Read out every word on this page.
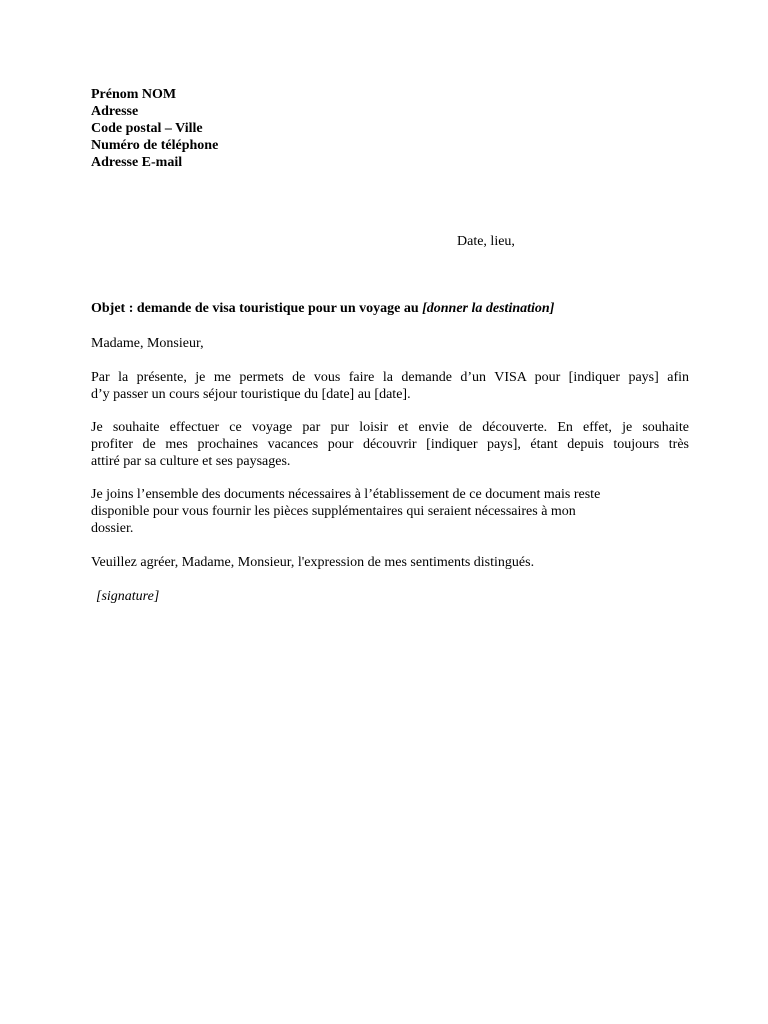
Prénom NOM
Adresse
Code postal – Ville
Numéro de téléphone
Adresse E-mail
Date, lieu,
Objet : demande de visa touristique pour un voyage au [donner la destination]
Madame, Monsieur,
Par la présente, je me permets de vous faire la demande d’un VISA pour [indiquer pays] afin
d’y passer un cours séjour touristique du [date] au [date].
Je souhaite effectuer ce voyage par pur loisir et envie de découverte. En effet, je souhaite
profiter de mes prochaines vacances pour découvrir [indiquer pays], étant depuis toujours très
attiré par sa culture et ses paysages.
Je joins l’ensemble des documents nécessaires à l’établissement de ce document mais reste
disponible pour vous fournir les pièces supplémentaires qui seraient nécessaires à mon
dossier.
Veuillez agréer, Madame, Monsieur, l'expression de mes sentiments distingués.
[signature]
